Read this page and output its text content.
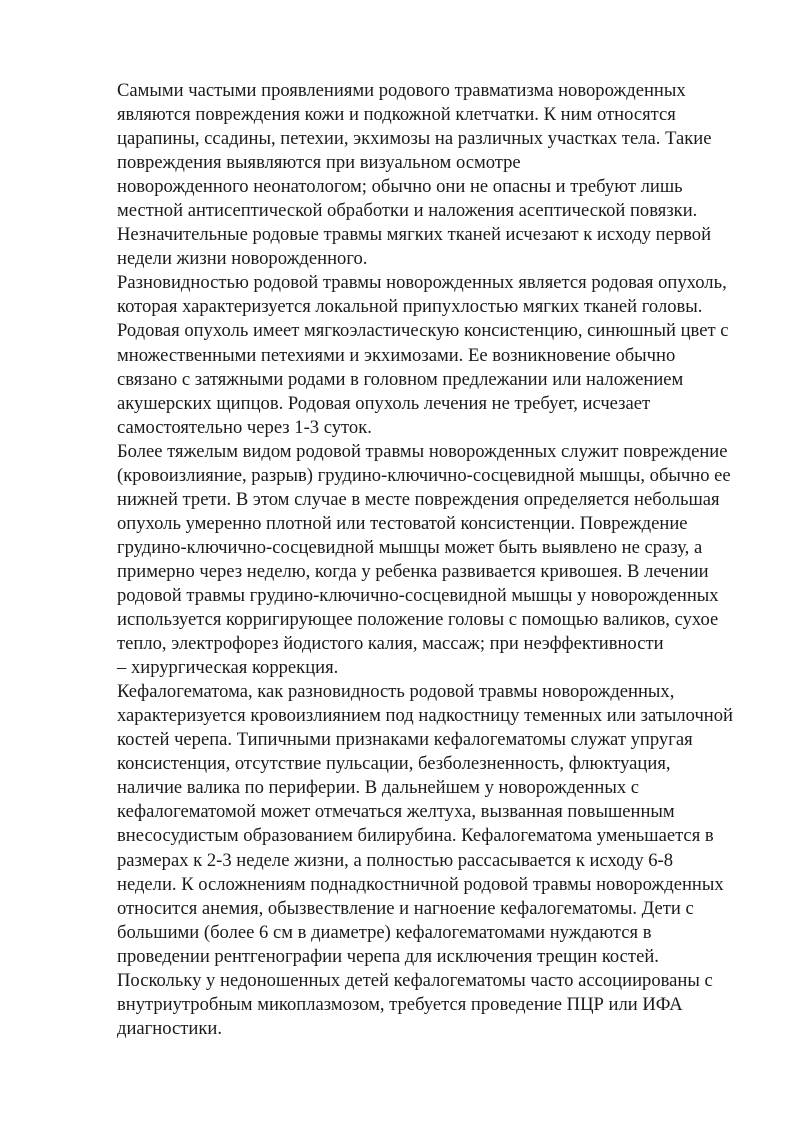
Самыми частыми проявлениями родового травматизма новорожденных
являются повреждения кожи и подкожной клетчатки. К ним относятся
царапины, ссадины, петехии, экхимозы на различных участках тела. Такие
повреждения выявляются при визуальном осмотре
новорожденного неонатологом; обычно они не опасны и требуют лишь
местной антисептической обработки и наложения асептической повязки.
Незначительные родовые травмы мягких тканей исчезают к исходу первой
недели жизни новорожденного.
Разновидностью родовой травмы новорожденных является родовая опухоль,
которая характеризуется локальной припухлостью мягких тканей головы.
Родовая опухоль имеет мягкоэластическую консистенцию, синюшный цвет с
множественными петехиями и экхимозами. Ее возникновение обычно
связано с затяжными родами в головном предлежании или наложением
акушерских щипцов. Родовая опухоль лечения не требует, исчезает
самостоятельно через 1-3 суток.
Более тяжелым видом родовой травмы новорожденных служит повреждение
(кровоизлияние, разрыв) грудино-ключично-сосцевидной мышцы, обычно ее
нижней трети. В этом случае в месте повреждения определяется небольшая
опухоль умеренно плотной или тестоватой консистенции. Повреждение
грудино-ключично-сосцевидной мышцы может быть выявлено не сразу, а
примерно через неделю, когда у ребенка развивается кривошея. В лечении
родовой травмы грудино-ключично-сосцевидной мышцы у новорожденных
используется корригирующее положение головы с помощью валиков, сухое
тепло, электрофорез йодистого калия, массаж; при неэффективности
– хирургическая коррекция.
Кефалогематома, как разновидность родовой травмы новорожденных,
характеризуется кровоизлиянием под надкостницу теменных или затылочной
костей черепа. Типичными признаками кефалогематомы служат упругая
консистенция, отсутствие пульсации, безболезненность, флюктуация,
наличие валика по периферии. В дальнейшем у новорожденных с
кефалогематомой может отмечаться желтуха, вызванная повышенным
внесосудистым образованием билирубина. Кефалогематома уменьшается в
размерах к 2-3 неделе жизни, а полностью рассасывается к исходу 6-8
недели. К осложнениям поднадкостничной родовой травмы новорожденных
относится анемия, обызвествление и нагноение кефалогематомы. Дети с
большими (более 6 см в диаметре) кефалогематомами нуждаются в
проведении рентгенографии черепа для исключения трещин костей.
Поскольку у недоношенных детей кефалогематомы часто ассоциированы с
внутриутробным микоплазмозом, требуется проведение ПЦР или ИФА
диагностики.
